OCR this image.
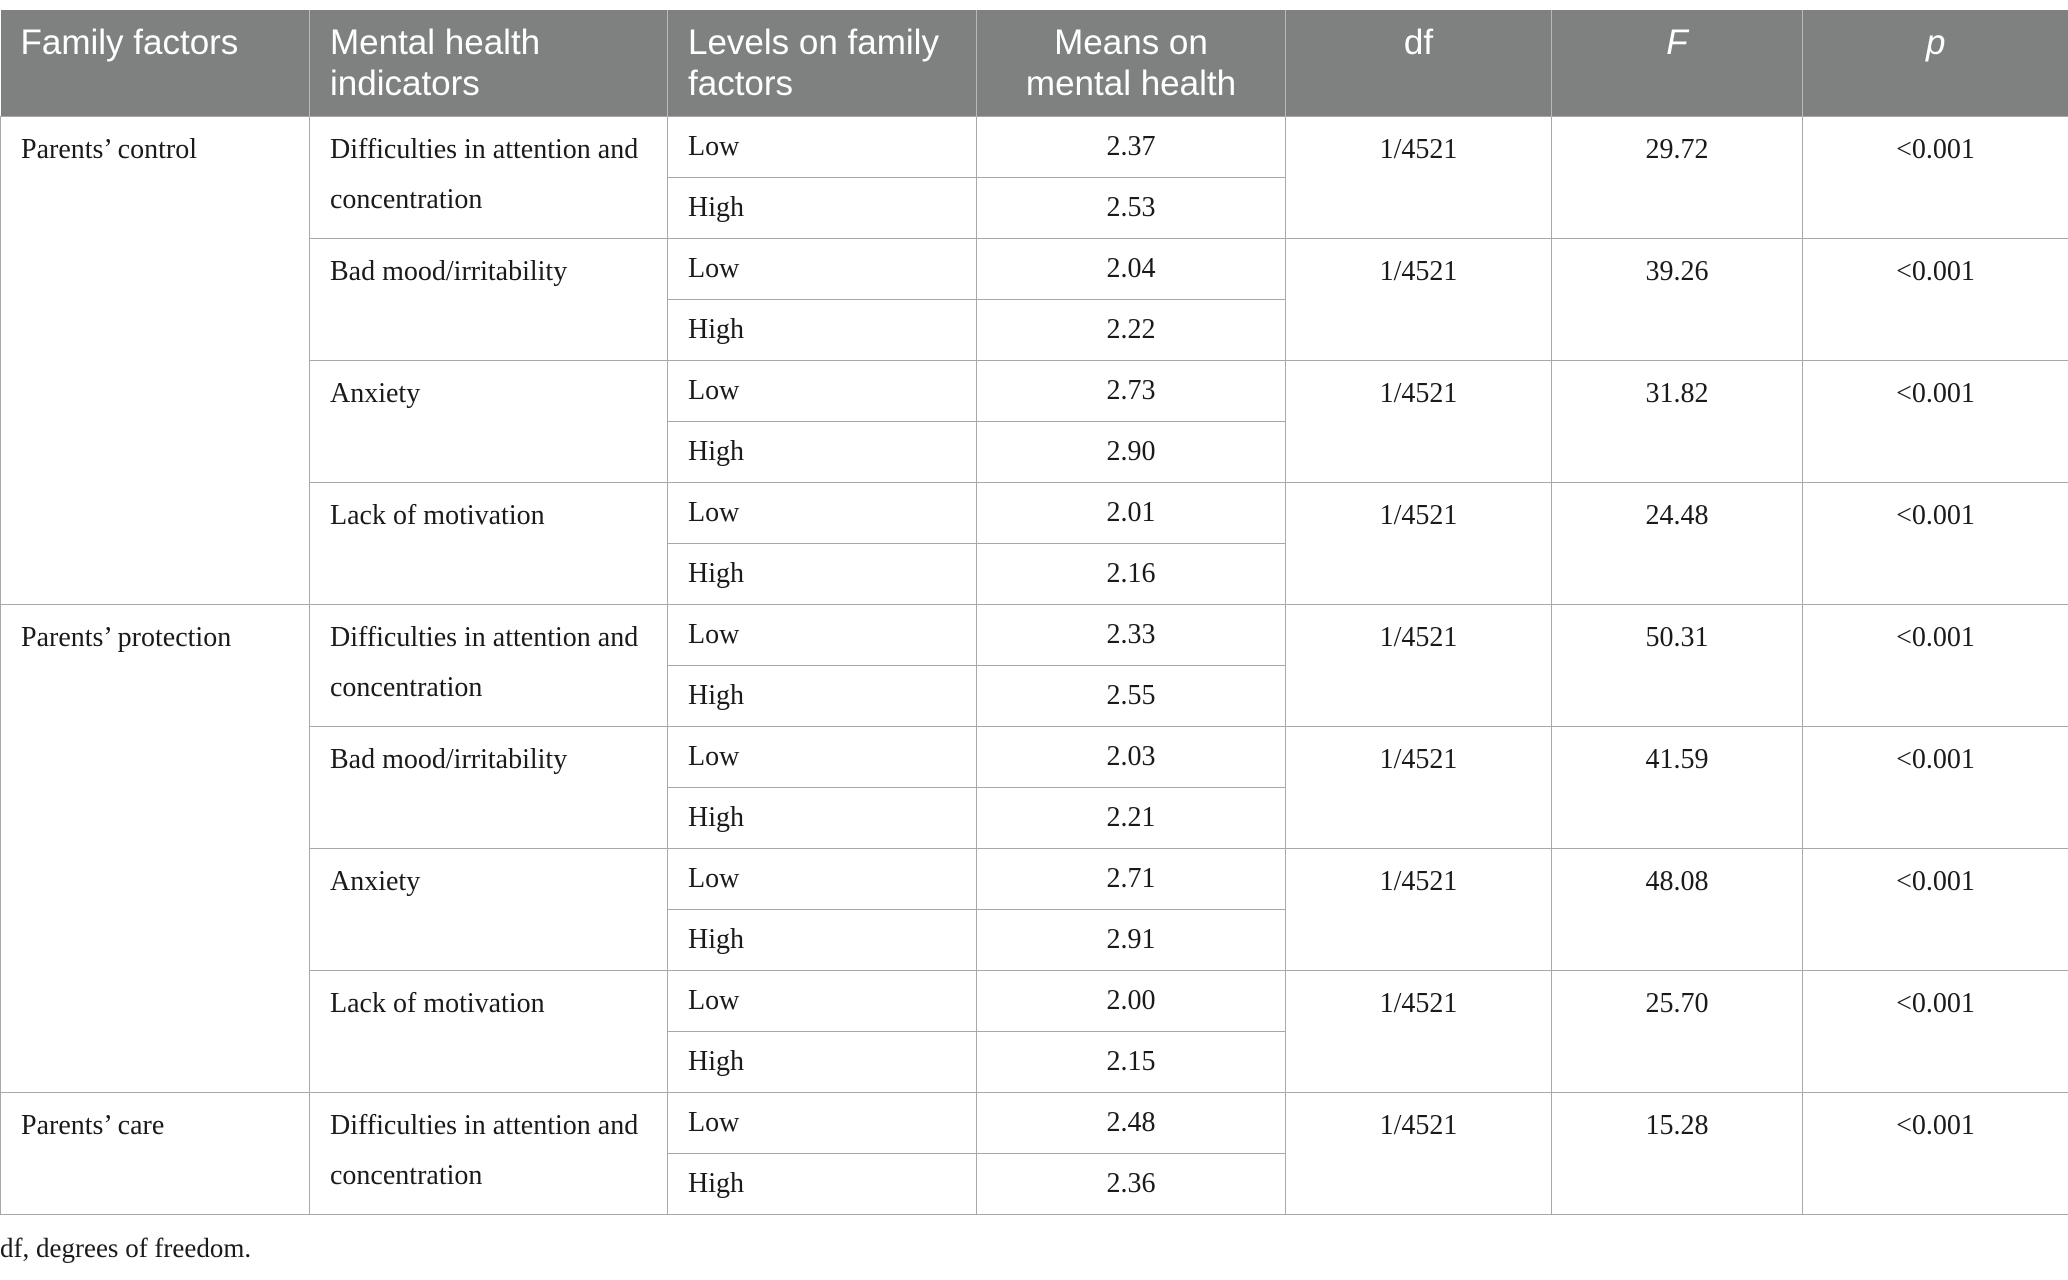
Family factors	Mental health indicators	Levels on family factors	Means on mental health	df	F	p
Parents’ control	Difficulties in attention and concentration	Low	2.37	1/4521	29.72	<0.001
		High	2.53			
	Bad mood/irritability	Low	2.04	1/4521	39.26	<0.001
		High	2.22			
	Anxiety	Low	2.73	1/4521	31.82	<0.001
		High	2.90			
	Lack of motivation	Low	2.01	1/4521	24.48	<0.001
		High	2.16			
Parents’ protection	Difficulties in attention and concentration	Low	2.33	1/4521	50.31	<0.001
		High	2.55			
	Bad mood/irritability	Low	2.03	1/4521	41.59	<0.001
		High	2.21			
	Anxiety	Low	2.71	1/4521	48.08	<0.001
		High	2.91			
	Lack of motivation	Low	2.00	1/4521	25.70	<0.001
		High	2.15			
Parents’ care	Difficulties in attention and concentration	Low	2.48	1/4521	15.28	<0.001
		High	2.36			
df, degrees of freedom.
